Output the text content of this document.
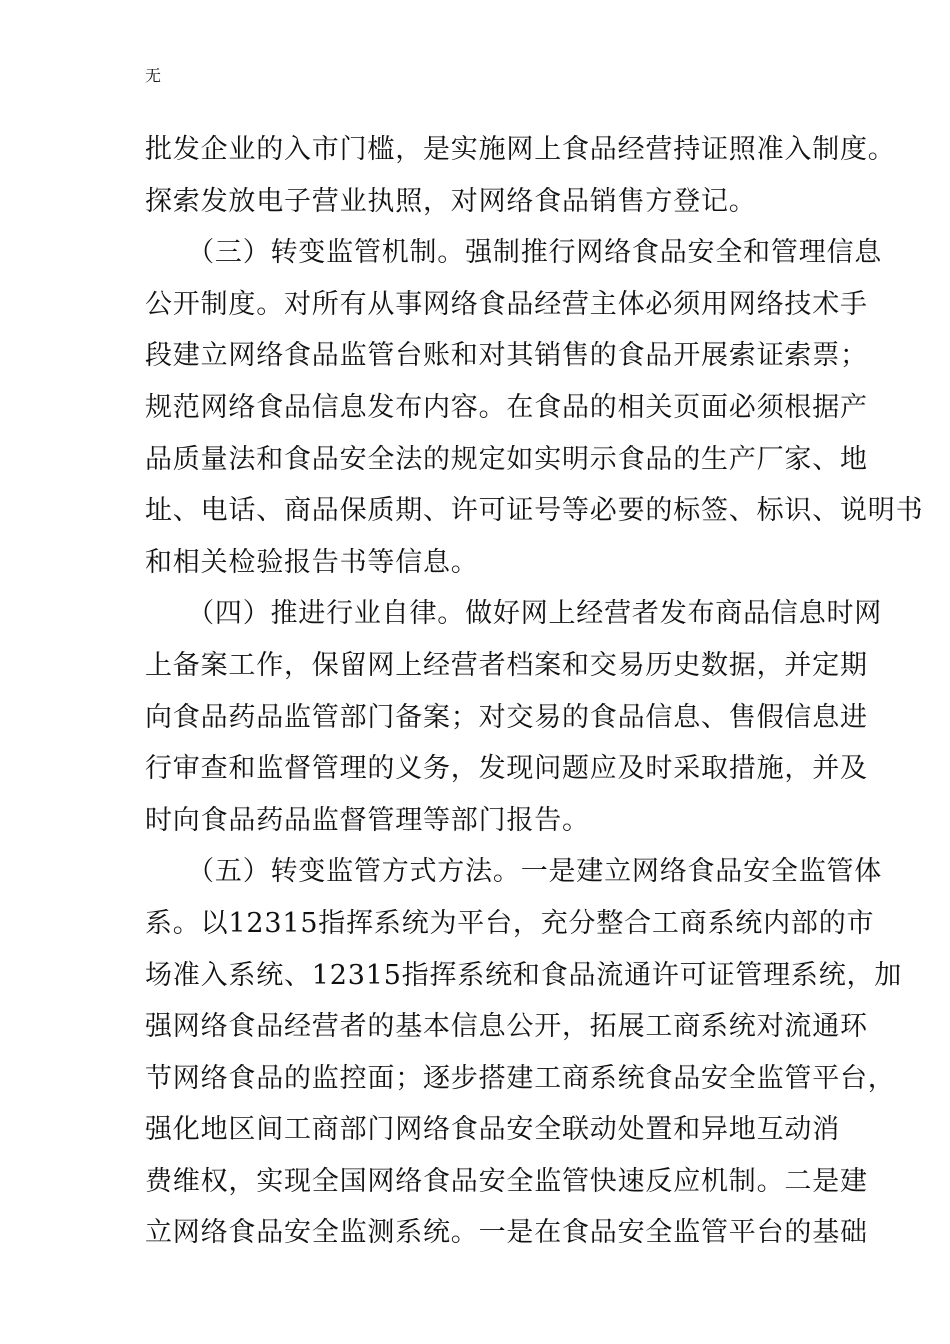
无
批发企业的入市门槛，是实施网上食品经营持证照准入制度。
探索发放电子营业执照，对网络食品销售方登记。
　　（三）转变监管机制。强制推行网络食品安全和管理信息
公开制度。对所有从事网络食品经营主体必须用网络技术手
段建立网络食品监管台账和对其销售的食品开展索证索票；
规范网络食品信息发布内容。在食品的相关页面必须根据产
品质量法和食品安全法的规定如实明示食品的生产厂家、地
址、电话、商品保质期、许可证号等必要的标签、标识、说明书
和相关检验报告书等信息。
　　（四）推进行业自律。做好网上经营者发布商品信息时网
上备案工作，保留网上经营者档案和交易历史数据，并定期
向食品药品监管部门备案；对交易的食品信息、售假信息进
行审查和监督管理的义务，发现问题应及时采取措施，并及
时向食品药品监督管理等部门报告。
　　（五）转变监管方式方法。一是建立网络食品安全监管体
系。以12315指挥系统为平台，充分整合工商系统内部的市
场准入系统、12315指挥系统和食品流通许可证管理系统，加
强网络食品经营者的基本信息公开，拓展工商系统对流通环
节网络食品的监控面；逐步搭建工商系统食品安全监管平台，
强化地区间工商部门网络食品安全联动处置和异地互动消
费维权，实现全国网络食品安全监管快速反应机制。二是建
立网络食品安全监测系统。一是在食品安全监管平台的基础
